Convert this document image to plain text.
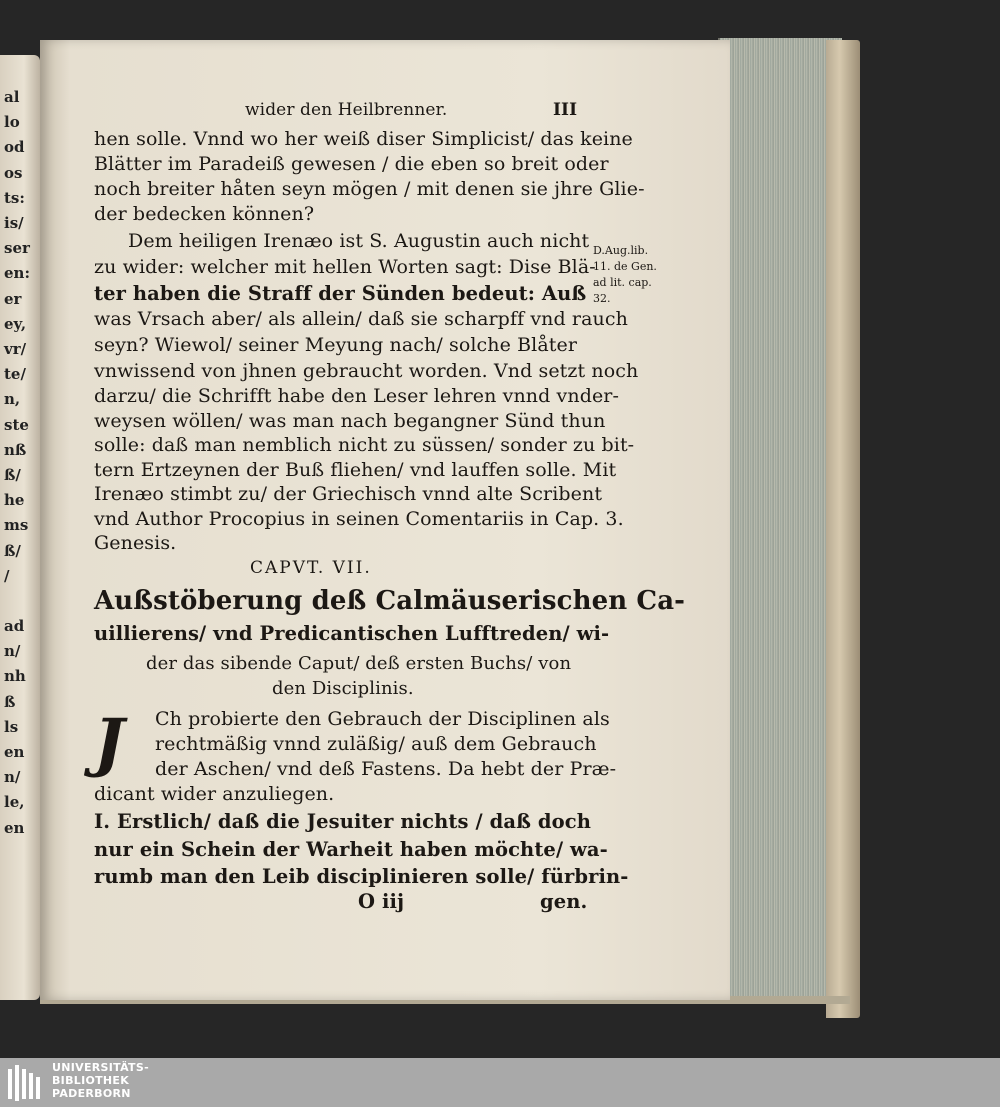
al
lo
od
os
ts:
is/
ser
en:
er
ey,
vr/
te/
n,
ste
nß
ß/
he
ms
ß/
/
ad
n/
nh
ß
ls
en
n/
le,
en
wider den Heilbrenner.	III
hen solle. Vnnd wo her weiß diser Simplicist/ das keine
Blätter im Paradeiß gewesen / die eben so breit oder
noch breiter håten seyn mögen / mit denen sie jhre Glie-
der bedecken können?
Dem heiligen Irenæo ist S. Augustin auch nicht
zu wider: welcher mit hellen Worten sagt: Dise Blä-
ter haben die Straff der Sünden bedeut: Auß
was Vrsach aber/ als allein/ daß sie scharpff vnd rauch
seyn? Wiewol/ seiner Meyung nach/ solche Blåter
vnwissend von jhnen gebraucht worden. Vnd setzt noch
darzu/ die Schrifft habe den Leser lehren vnnd vnder-
weysen wöllen/ was man nach begangner Sünd thun
solle: daß man nemblich nicht zu süssen/ sonder zu bit-
tern Ertzeynen der Buß fliehen/ vnd lauffen solle. Mit
Irenæo stimbt zu/ der Griechisch vnnd alte Scribent
vnd Author Procopius in seinen Comentariis in Cap. 3.
Genesis.
D.Aug.lib.
11. de Gen.
ad lit. cap.
32.
CAPVT. VII.
Außstöberung deß Calmäuserischen Ca-
uillierens/ vnd Predicantischen Lufftreden/ wi-
der das sibende Caput/ deß ersten Buchs/ von
den Disciplinis.
J	Ch probierte den Gebrauch der Disciplinen als
rechtmäßig vnnd zuläßig/ auß dem Gebrauch
der Aschen/ vnd deß Fastens. Da hebt der Præ-
dicant wider anzuliegen.
I. Erstlich/ daß die Jesuiter nichts / daß doch
nur ein Schein der Warheit haben möchte/ wa-
rumb man den Leib disciplinieren solle/ fürbrin-
O iij	gen.
UNIVERSITÄTS-
BIBLIOTHEK
PADERBORN
